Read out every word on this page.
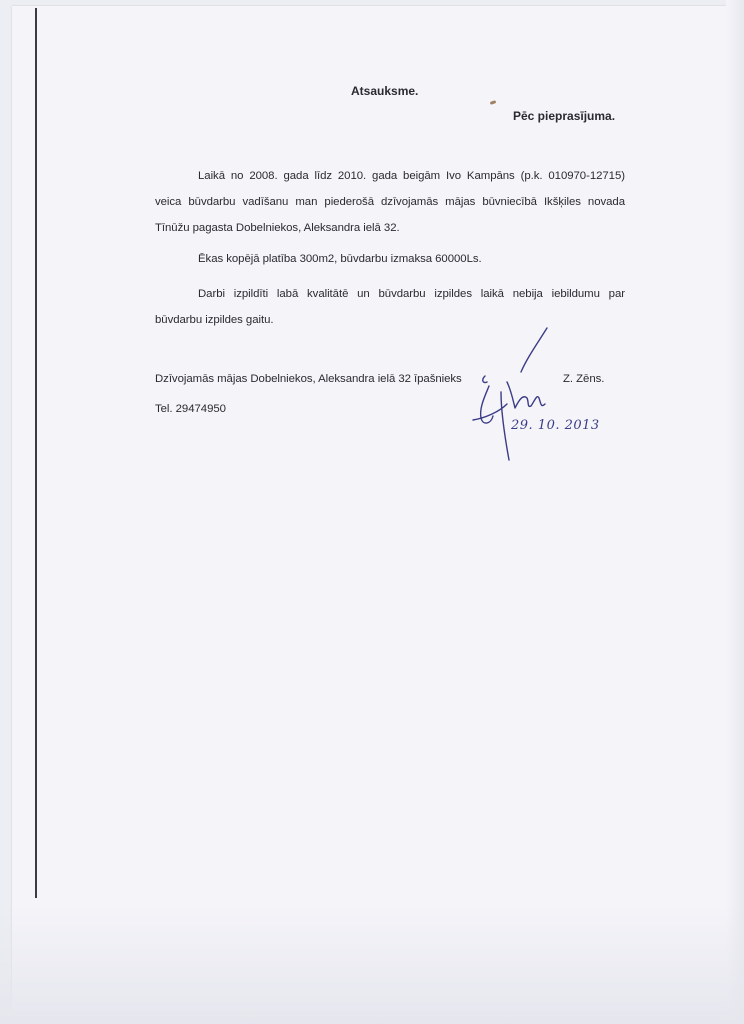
Atsauksme.
Pēc pieprasījuma.
Laikā no 2008. gada līdz 2010. gada beigām Ivo Kampāns (p.k. 010970-12715)
veica būvdarbu vadīšanu man piederošā dzīvojamās mājas būvniecībā Ikšķiles novada
Tīnūžu pagasta Dobelniekos, Aleksandra ielā 32.
Ēkas kopējā platība 300m2, būvdarbu izmaksa 60000Ls.
Darbi izpildīti labā kvalitātē un būvdarbu izpildes laikā nebija iebildumu par
būvdarbu izpildes gaitu.
Dzīvojamās mājas Dobelniekos, Aleksandra ielā 32 īpašnieks	Z. Zēns.
Tel. 29474950
29. 10. 2013
